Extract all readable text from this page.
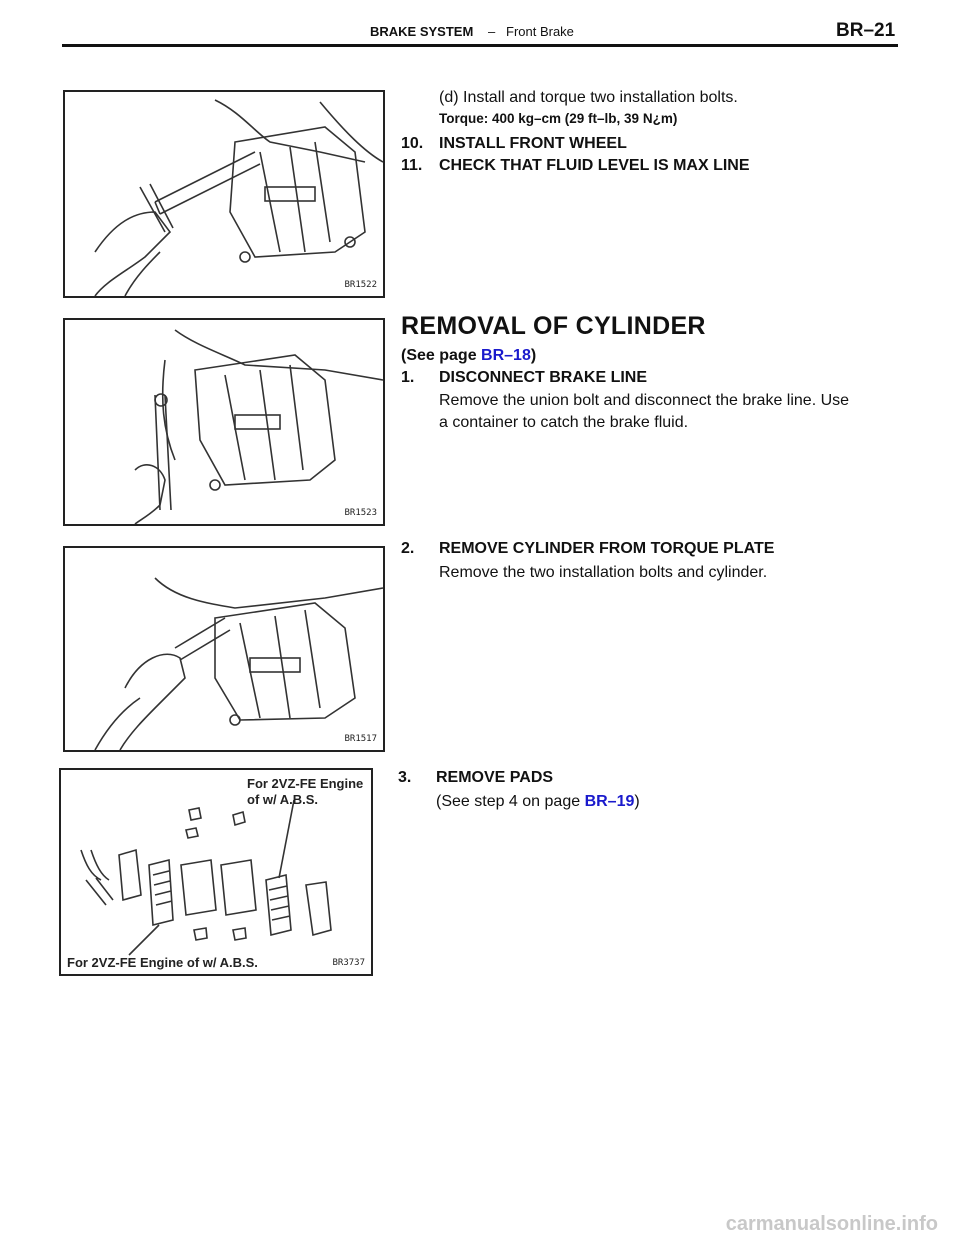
BRAKE SYSTEM – Front Brake	BR–21
BR1522
(d) Install and torque two installation bolts.
Torque: 400 kg–cm (29 ft–lb, 39 N¿m)
10. INSTALL FRONT WHEEL
11. CHECK THAT FLUID LEVEL IS MAX LINE
BR1523
REMOVAL OF CYLINDER
(See page BR–18)
1. DISCONNECT BRAKE LINE
Remove the union bolt and disconnect the brake line. Use
a container to catch the brake fluid.
BR1517
2. REMOVE CYLINDER FROM TORQUE PLATE
Remove the two installation bolts and cylinder.
For 2VZ-FE Engine
of w/ A.B.S.
For 2VZ-FE Engine of w/ A.B.S.	BR3737
3. REMOVE PADS
(See step 4 on page BR–19)
carmanualsonline.info
